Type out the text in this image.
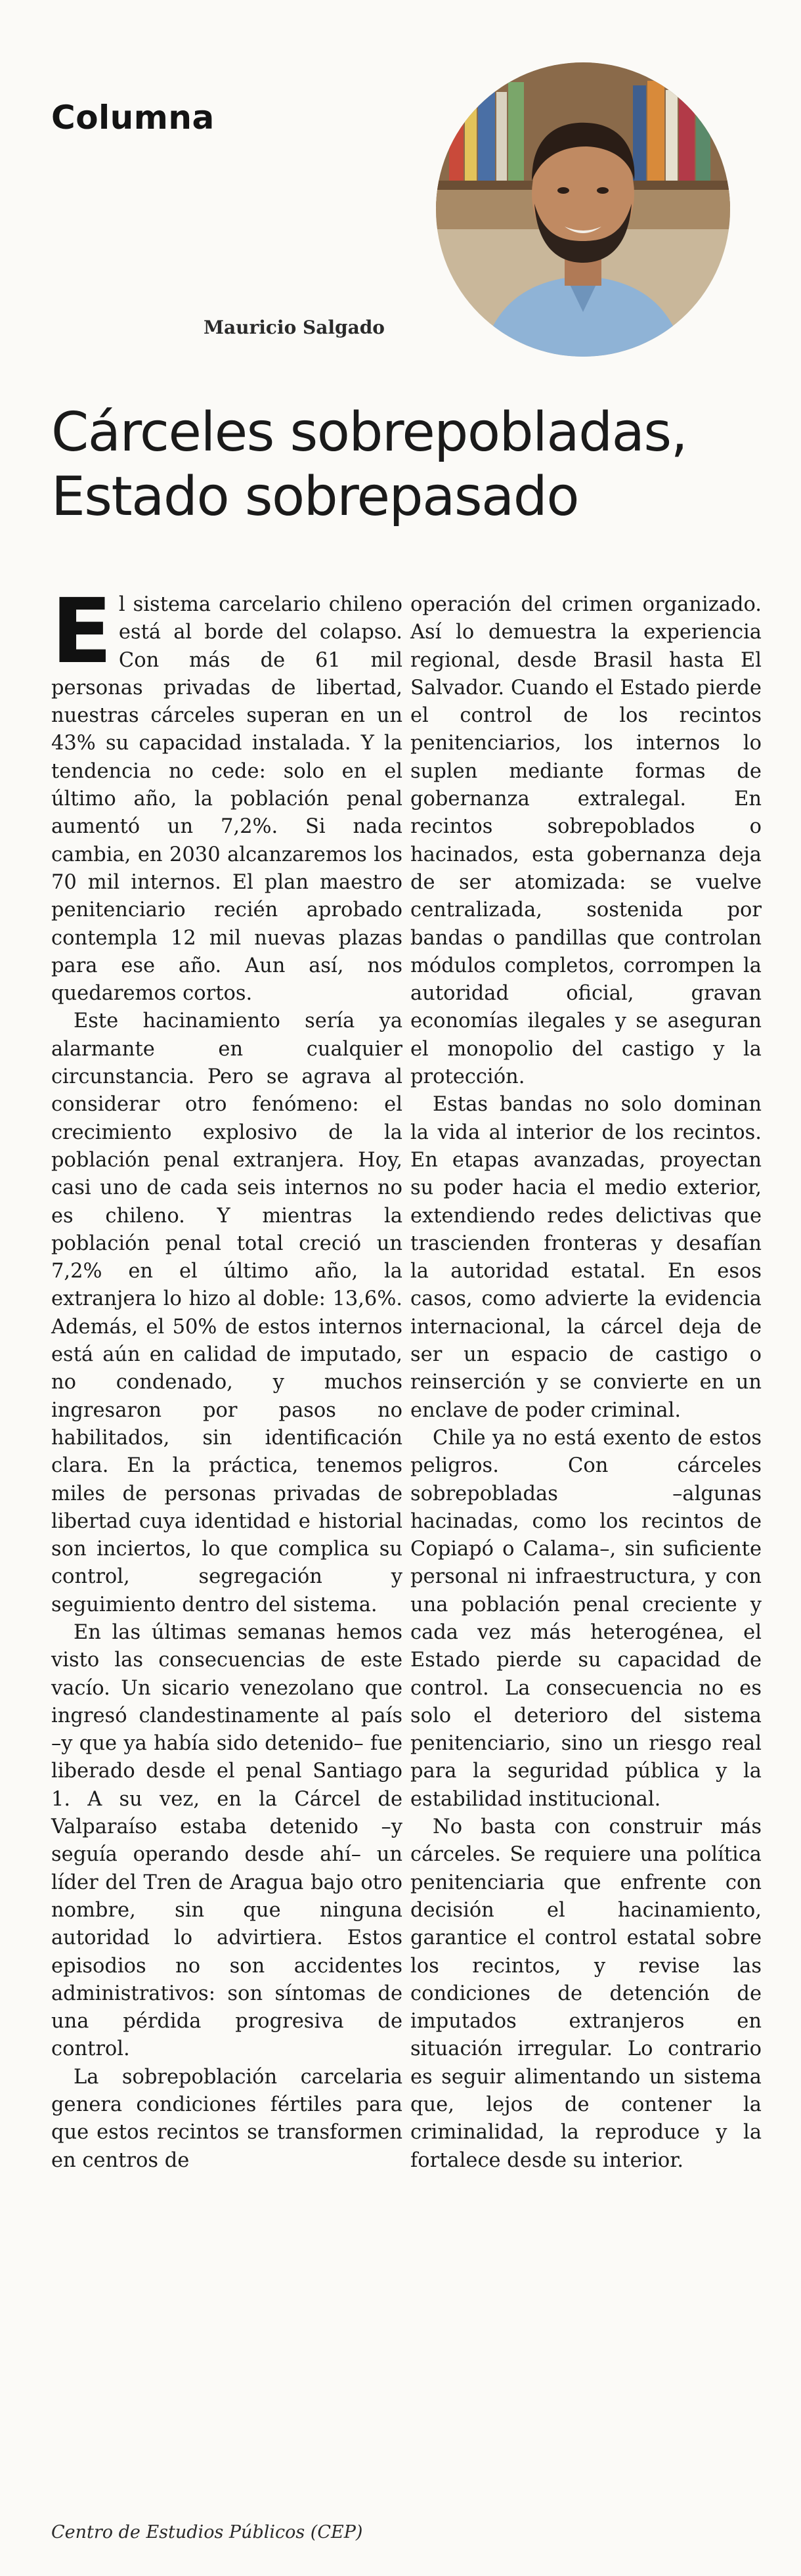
Columna
Mauricio Salgado
Cárceles sobrepobladas, Estado sobrepasado

El sistema carcelario chileno está al borde del colapso. Con más de 61 mil personas privadas de libertad, nuestras cárceles superan en un 43% su capacidad instalada. Y la tendencia no cede: solo en el último año, la población penal aumentó un 7,2%. Si nada cambia, en 2030 alcanzaremos los 70 mil internos. El plan maestro penitenciario recién aprobado contempla 12 mil nuevas plazas para ese año. Aun así, nos quedaremos cortos.

Este hacinamiento sería ya alarmante en cualquier circunstancia. Pero se agrava al considerar otro fenómeno: el crecimiento explosivo de la población penal extranjera. Hoy, casi uno de cada seis internos no es chileno. Y mientras la población penal total creció un 7,2% en el último año, la extranjera lo hizo al doble: 13,6%. Además, el 50% de estos internos está aún en calidad de imputado, no condenado, y muchos ingresaron por pasos no habilitados, sin identificación clara. En la práctica, tenemos miles de personas privadas de libertad cuya identidad e historial son inciertos, lo que complica su control, segregación y seguimiento dentro del sistema.

En las últimas semanas hemos visto las consecuencias de este vacío. Un sicario venezolano que ingresó clandestinamente al país –y que ya había sido detenido– fue liberado desde el penal Santiago 1. A su vez, en la Cárcel de Valparaíso estaba detenido –y seguía operando desde ahí– un líder del Tren de Aragua bajo otro nombre, sin que ninguna autoridad lo advirtiera. Estos episodios no son accidentes administrativos: son síntomas de una pérdida progresiva de control.

La sobrepoblación carcelaria genera condiciones fértiles para que estos recintos se transformen en centros de

operación del crimen organizado. Así lo demuestra la experiencia regional, desde Brasil hasta El Salvador. Cuando el Estado pierde el control de los recintos penitenciarios, los internos lo suplen mediante formas de gobernanza extralegal. En recintos sobrepoblados o hacinados, esta gobernanza deja de ser atomizada: se vuelve centralizada, sostenida por bandas o pandillas que controlan módulos completos, corrompen la autoridad oficial, gravan economías ilegales y se aseguran el monopolio del castigo y la protección.

Estas bandas no solo dominan la vida al interior de los recintos. En etapas avanzadas, proyectan su poder hacia el medio exterior, extendiendo redes delictivas que trascienden fronteras y desafían la autoridad estatal. En esos casos, como advierte la evidencia internacional, la cárcel deja de ser un espacio de castigo o reinserción y se convierte en un enclave de poder criminal.

Chile ya no está exento de estos peligros. Con cárceles sobrepobladas –algunas hacinadas, como los recintos de Copiapó o Calama–, sin suficiente personal ni infraestructura, y con una población penal creciente y cada vez más heterogénea, el Estado pierde su capacidad de control. La consecuencia no es solo el deterioro del sistema penitenciario, sino un riesgo real para la seguridad pública y la estabilidad institucional.

No basta con construir más cárceles. Se requiere una política penitenciaria que enfrente con decisión el hacinamiento, garantice el control estatal sobre los recintos, y revise las condiciones de detención de imputados extranjeros en situación irregular. Lo contrario es seguir alimentando un sistema que, lejos de contener la criminalidad, la reproduce y la fortalece desde su interior.

Centro de Estudios Públicos (CEP)
